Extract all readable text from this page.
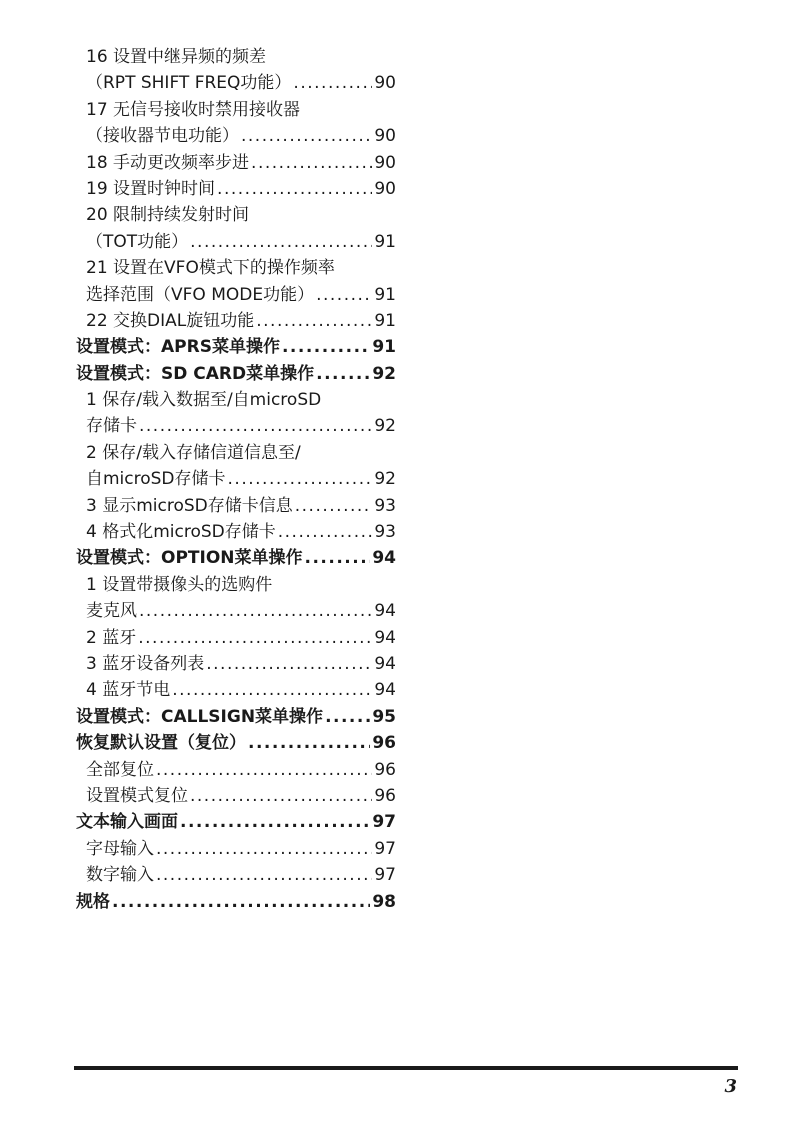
16 设置中继异频的频差
（RPT SHIFT FREQ功能） .....	90
17 无信号接收时禁用接收器
（接收器节电功能） .....	90
18 手动更改频率步进 .....	90
19 设置时钟时间 .....	90
20 限制持续发射时间
（TOT功能） .....	91
21 设置在VFO模式下的操作频率
选择范围（VFO MODE功能） .....	91
22 交换DIAL旋钮功能 .....	91
设置模式：APRS菜单操作 .....	91
设置模式：SD CARD菜单操作 .....	92
1 保存/载入数据至/自microSD
存储卡 .....	92
2 保存/载入存储信道信息至/
自microSD存储卡 .....	92
3 显示microSD存储卡信息 .....	93
4 格式化microSD存储卡 .....	93
设置模式：OPTION菜单操作 .....	94
1 设置带摄像头的选购件
麦克风 .....	94
2 蓝牙 .....	94
3 蓝牙设备列表 .....	94
4 蓝牙节电 .....	94
设置模式：CALLSIGN菜单操作 .....	95
恢复默认设置（复位） .....	96
全部复位 .....	96
设置模式复位 .....	96
文本输入画面 .....	97
字母输入 .....	97
数字输入 .....	97
规格 .....	98
3
